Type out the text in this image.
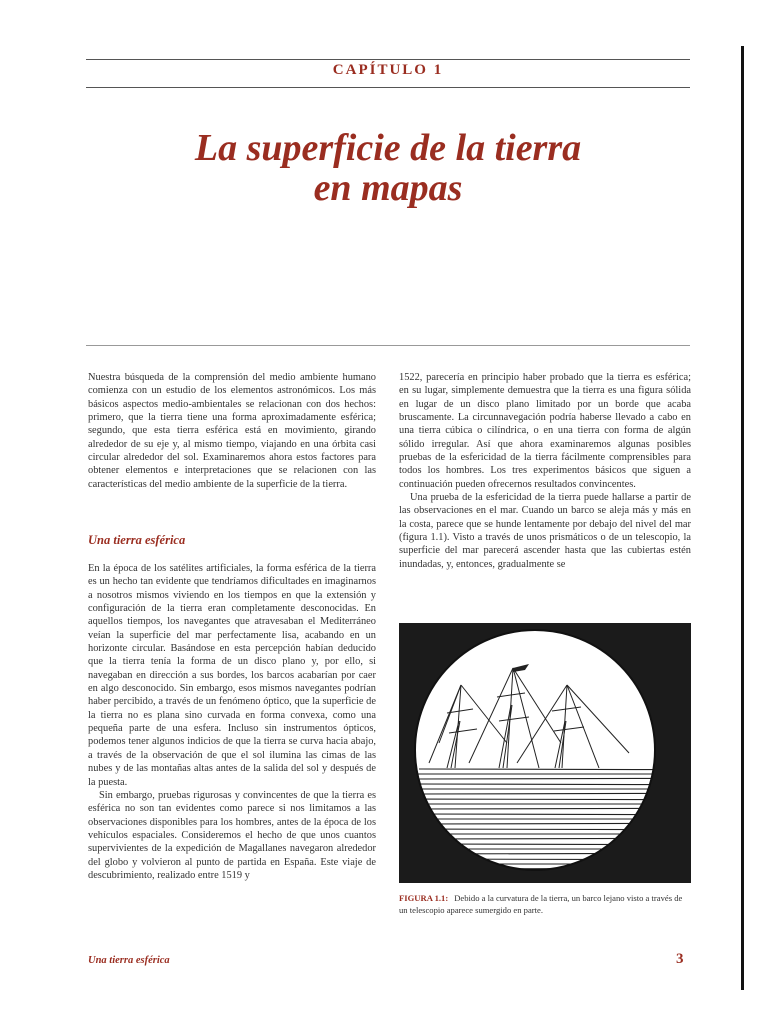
CAPÍTULO 1
La superficie de la tierra
en mapas

Nuestra búsqueda de la comprensión del medio ambiente humano comienza con un estudio de los elementos astronómicos. Los más básicos aspectos medio-ambientales se relacionan con dos hechos: primero, que la tierra tiene una forma aproximadamente esférica; segundo, que esta tierra esférica está en movimiento, girando alrededor de su eje y, al mismo tiempo, viajando en una órbita casi circular alrededor del sol. Examinaremos ahora estos factores para obtener elementos e interpretaciones que se relacionen con las características del medio ambiente de la superficie de la tierra.

Una tierra esférica

En la época de los satélites artificiales, la forma esférica de la tierra es un hecho tan evidente que tendríamos dificultades en imaginarnos a nosotros mismos viviendo en los tiempos en que la extensión y configuración de la tierra eran completamente desconocidas. En aquellos tiempos, los navegantes que atravesaban el Mediterráneo veían la superficie del mar perfectamente lisa, acabando en un horizonte circular. Basándose en esta percepción habían deducido que la tierra tenía la forma de un disco plano y, por ello, si navegaban en dirección a sus bordes, los barcos acabarían por caer en algo desconocido. Sin embargo, esos mismos navegantes podrían haber percibido, a través de un fenómeno óptico, que la superficie de la tierra no es plana sino curvada en forma convexa, como una pequeña parte de una esfera. Incluso sin instrumentos ópticos, podemos tener algunos indicios de que la tierra se curva hacia abajo, a través de la observación de que el sol ilumina las cimas de las nubes y de las montañas altas antes de la salida del sol y después de la puesta.

Sin embargo, pruebas rigurosas y convincentes de que la tierra es esférica no son tan evidentes como parece si nos limitamos a las observaciones disponibles para los hombres, antes de la época de los vehículos espaciales. Consideremos el hecho de que unos cuantos supervivientes de la expedición de Magallanes navegaron alrededor del globo y volvieron al punto de partida en España. Este viaje de descubrimiento, realizado entre 1519 y

1522, parecería en principio haber probado que la tierra es esférica; en su lugar, simplemente demuestra que la tierra es una figura sólida en lugar de un disco plano limitado por un borde que acaba bruscamente. La circunnavegación podría haberse llevado a cabo en una tierra cúbica o cilíndrica, o en una tierra con forma de algún sólido irregular. Así que ahora examinaremos algunas posibles pruebas de la esfericidad de la tierra fácilmente comprensibles para todos los hombres. Los tres experimentos básicos que siguen a continuación pueden ofrecernos resultados convincentes.

Una prueba de la esfericidad de la tierra puede hallarse a partir de las observaciones en el mar. Cuando un barco se aleja más y más en la costa, parece que se hunde lentamente por debajo del nivel del mar (figura 1.1). Visto a través de unos prismáticos o de un telescopio, la superficie del mar parecerá ascender hasta que las cubiertas estén inundadas, y, entonces, gradualmente se

FIGURA 1.1: Debido a la curvatura de la tierra, un barco lejano visto a través de un telescopio aparece sumergido en parte.
Una tierra esférica	3
